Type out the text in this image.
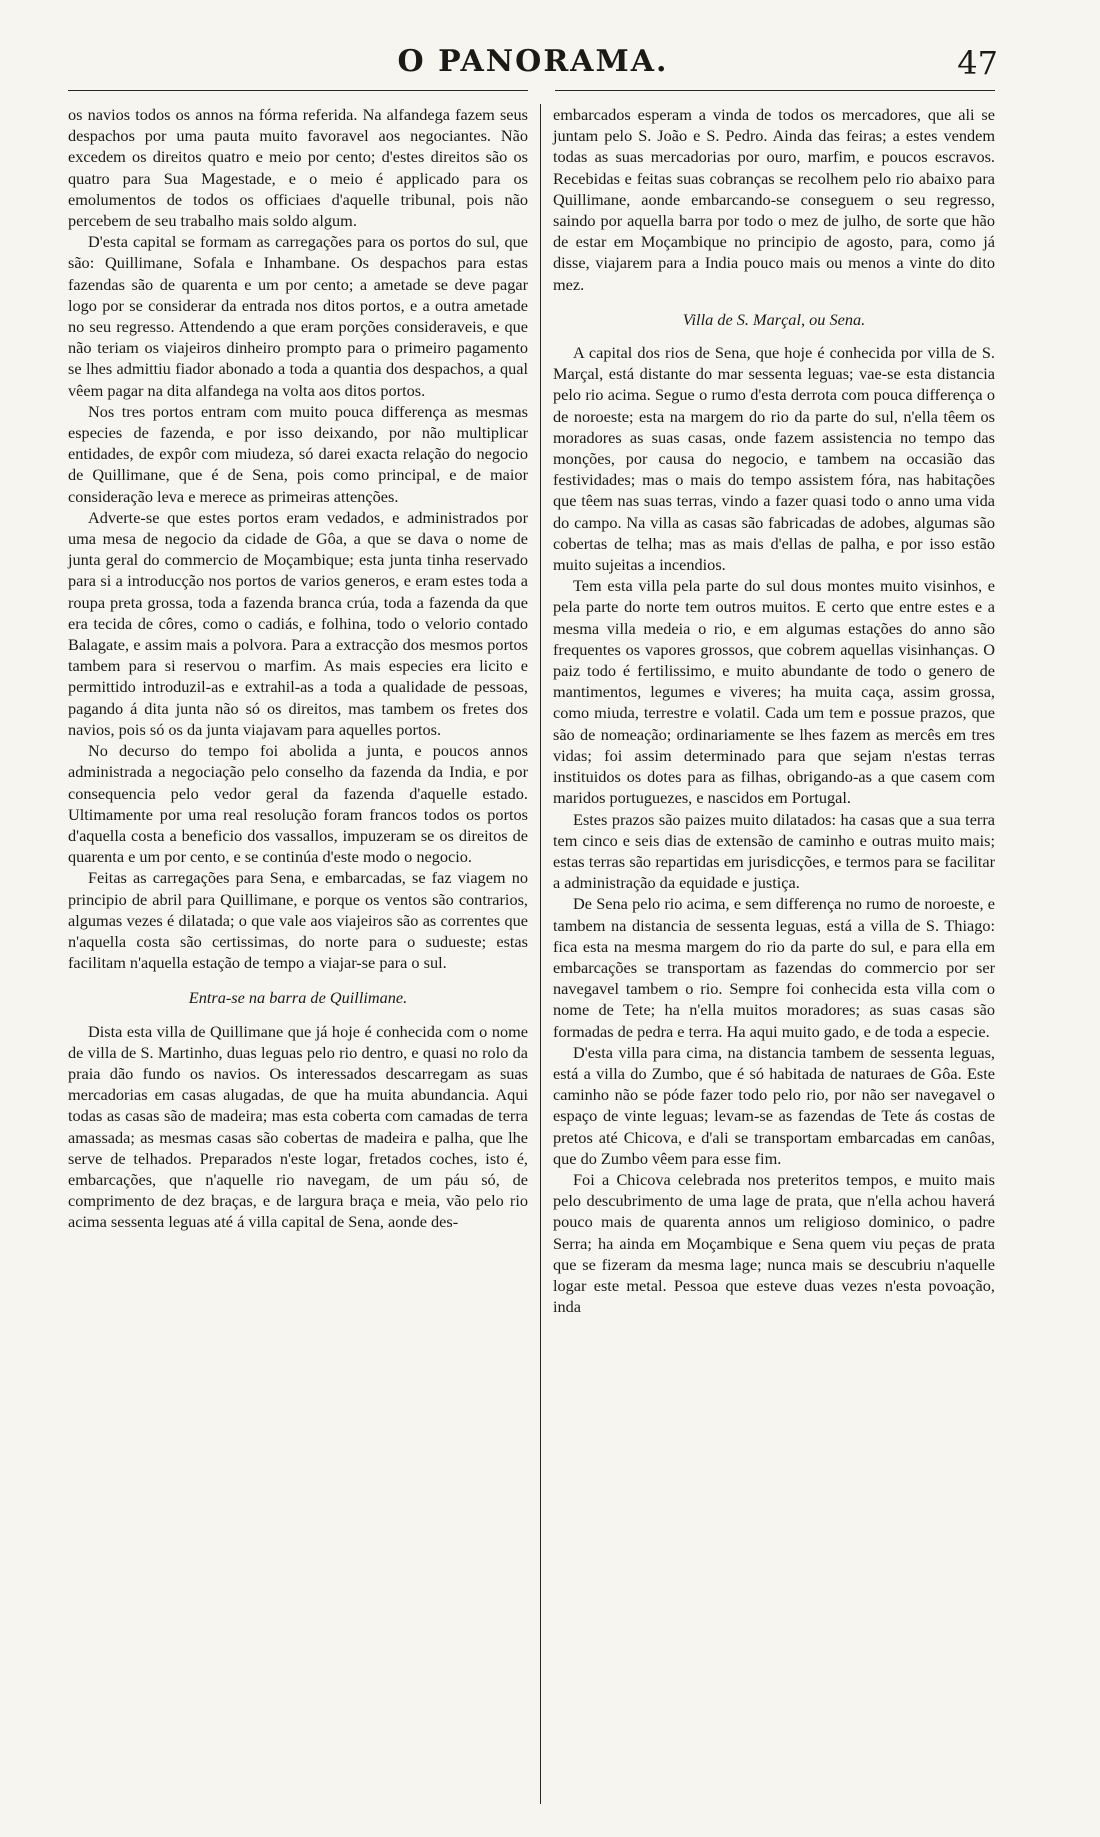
O PANORAMA.	47

os navios todos os annos na fórma referida. Na alfandega fazem seus despachos por uma pauta muito favoravel aos negociantes. Não excedem os direitos quatro e meio por cento; d'estes direitos são os quatro para Sua Magestade, e o meio é applicado para os emolumentos de todos os officiaes d'aquelle tribunal, pois não percebem de seu trabalho mais soldo algum.

D'esta capital se formam as carregações para os portos do sul, que são: Quillimane, Sofala e Inhambane. Os despachos para estas fazendas são de quarenta e um por cento; a ametade se deve pagar logo por se considerar da entrada nos ditos portos, e a outra ametade no seu regresso. Attendendo a que eram porções consideraveis, e que não teriam os viajeiros dinheiro prompto para o primeiro pagamento se lhes admittiu fiador abonado a toda a quantia dos despachos, a qual vêem pagar na dita alfandega na volta aos ditos portos.

Nos tres portos entram com muito pouca differença as mesmas especies de fazenda, e por isso deixando, por não multiplicar entidades, de expôr com miudeza, só darei exacta relação do negocio de Quillimane, que é de Sena, pois como principal, e de maior consideração leva e merece as primeiras attenções.

Adverte-se que estes portos eram vedados, e administrados por uma mesa de negocio da cidade de Gôa, a que se dava o nome de junta geral do commercio de Moçambique; esta junta tinha reservado para si a introducção nos portos de varios generos, e eram estes toda a roupa preta grossa, toda a fazenda branca crúa, toda a fazenda da que era tecida de côres, como o cadiás, e folhina, todo o velorio contado Balagate, e assim mais a polvora. Para a extracção dos mesmos portos tambem para si reservou o marfim. As mais especies era licito e permittido introduzil-as e extrahil-as a toda a qualidade de pessoas, pagando á dita junta não só os direitos, mas tambem os fretes dos navios, pois só os da junta viajavam para aquelles portos.

No decurso do tempo foi abolida a junta, e poucos annos administrada a negociação pelo conselho da fazenda da India, e por consequencia pelo vedor geral da fazenda d'aquelle estado. Ultimamente por uma real resolução foram francos todos os portos d'aquella costa a beneficio dos vassallos, impuzeram se os direitos de quarenta e um por cento, e se continúa d'este modo o negocio.

Feitas as carregações para Sena, e embarcadas, se faz viagem no principio de abril para Quillimane, e porque os ventos são contrarios, algumas vezes é dilatada; o que vale aos viajeiros são as correntes que n'aquella costa são certissimas, do norte para o sudueste; estas facilitam n'aquella estação de tempo a viajar-se para o sul.

Entra-se na barra de Quillimane.

Dista esta villa de Quillimane que já hoje é conhecida com o nome de villa de S. Martinho, duas leguas pelo rio dentro, e quasi no rolo da praia dão fundo os navios. Os interessados descarregam as suas mercadorias em casas alugadas, de que ha muita abundancia. Aqui todas as casas são de madeira; mas esta coberta com camadas de terra amassada; as mesmas casas são cobertas de madeira e palha, que lhe serve de telhados. Preparados n'este logar, fretados coches, isto é, embarcações, que n'aquelle rio navegam, de um páu só, de comprimento de dez braças, e de largura braça e meia, vão pelo rio acima sessenta leguas até á villa capital de Sena, aonde des-

embarcados esperam a vinda de todos os mercadores, que ali se juntam pelo S. João e S. Pedro. Ainda das feiras; a estes vendem todas as suas mercadorias por ouro, marfim, e poucos escravos. Recebidas e feitas suas cobranças se recolhem pelo rio abaixo para Quillimane, aonde embarcando-se conseguem o seu regresso, saindo por aquella barra por todo o mez de julho, de sorte que hão de estar em Moçambique no principio de agosto, para, como já disse, viajarem para a India pouco mais ou menos a vinte do dito mez.

Villa de S. Marçal, ou Sena.

A capital dos rios de Sena, que hoje é conhecida por villa de S. Marçal, está distante do mar sessenta leguas; vae-se esta distancia pelo rio acima. Segue o rumo d'esta derrota com pouca differença o de noroeste; esta na margem do rio da parte do sul, n'ella têem os moradores as suas casas, onde fazem assistencia no tempo das monções, por causa do negocio, e tambem na occasião das festividades; mas o mais do tempo assistem fóra, nas habitações que têem nas suas terras, vindo a fazer quasi todo o anno uma vida do campo. Na villa as casas são fabricadas de adobes, algumas são cobertas de telha; mas as mais d'ellas de palha, e por isso estão muito sujeitas a incendios.

Tem esta villa pela parte do sul dous montes muito visinhos, e pela parte do norte tem outros muitos. E certo que entre estes e a mesma villa medeia o rio, e em algumas estações do anno são frequentes os vapores grossos, que cobrem aquellas visinhanças. O paiz todo é fertilissimo, e muito abundante de todo o genero de mantimentos, legumes e viveres; ha muita caça, assim grossa, como miuda, terrestre e volatil. Cada um tem e possue prazos, que são de nomeação; ordinariamente se lhes fazem as mercês em tres vidas; foi assim determinado para que sejam n'estas terras instituidos os dotes para as filhas, obrigando-as a que casem com maridos portuguezes, e nascidos em Portugal.

Estes prazos são paizes muito dilatados: ha casas que a sua terra tem cinco e seis dias de extensão de caminho e outras muito mais; estas terras são repartidas em jurisdicções, e termos para se facilitar a administração da equidade e justiça.

De Sena pelo rio acima, e sem differença no rumo de noroeste, e tambem na distancia de sessenta leguas, está a villa de S. Thiago: fica esta na mesma margem do rio da parte do sul, e para ella em embarcações se transportam as fazendas do commercio por ser navegavel tambem o rio. Sempre foi conhecida esta villa com o nome de Tete; ha n'ella muitos moradores; as suas casas são formadas de pedra e terra. Ha aqui muito gado, e de toda a especie.

D'esta villa para cima, na distancia tambem de sessenta leguas, está a villa do Zumbo, que é só habitada de naturaes de Gôa. Este caminho não se póde fazer todo pelo rio, por não ser navegavel o espaço de vinte leguas; levam-se as fazendas de Tete ás costas de pretos até Chicova, e d'ali se transportam embarcadas em canôas, que do Zumbo vêem para esse fim.

Foi a Chicova celebrada nos preteritos tempos, e muito mais pelo descubrimento de uma lage de prata, que n'ella achou haverá pouco mais de quarenta annos um religioso dominico, o padre Serra; ha ainda em Moçambique e Sena quem viu peças de prata que se fizeram da mesma lage; nunca mais se descubriu n'aquelle logar este metal. Pessoa que esteve duas vezes n'esta povoação, inda
